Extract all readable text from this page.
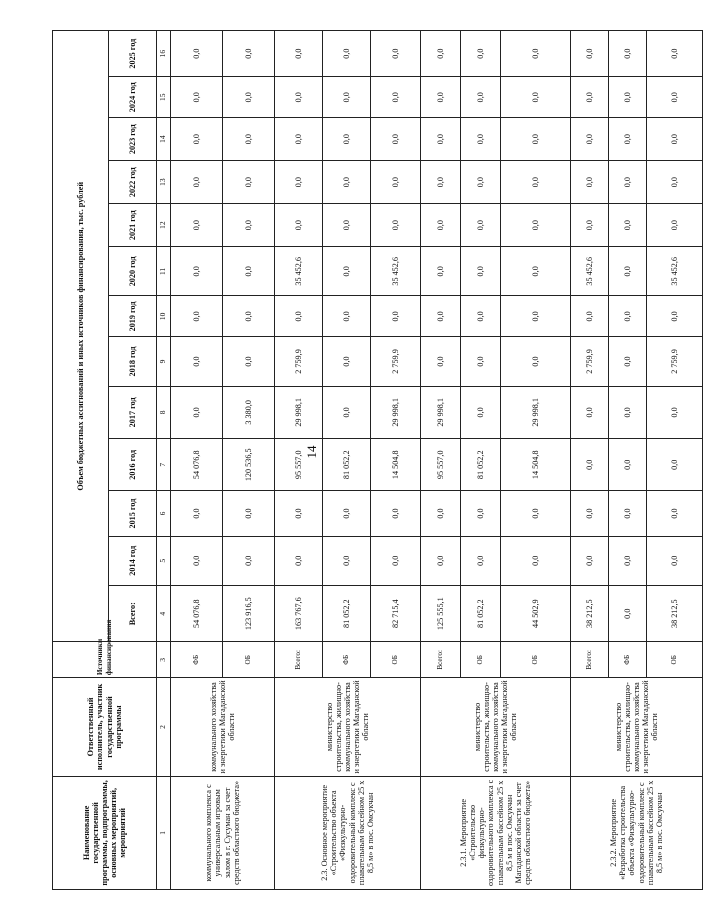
14
Наименование государственной программы, подпрограммы, основных мероприятий, мероприятий	Ответственный исполнитель, участник государственной программы	Источники финансирования	Объем бюджетных ассигнований и иных источников финансирования, тыс. рублей												
			Всего:	2014 год	2015 год	2016 год	2017 год	2018 год	2019 год	2020 год	2021 год	2022 год	2023 год	2024 год	2025 год
1	2	3	4	5	6	7	8	9	10	11	12	13	14	15	16
коммунального комплекса с универсальным игровым залом в г. Сусуман за счет средств областного бюджета»	коммунального хозяйства и энергетики Магаданской области	ФБ	54 076,8	0,0	0,0	54 076,8	0,0	0,0	0,0	0,0	0,0	0,0	0,0	0,0	0,0
		ОБ	123 916,5	0,0	0,0	120 536,5	3 380,0	0,0	0,0	0,0	0,0	0,0	0,0	0,0	0,0
2.3. Основное мероприятие «Строительство объекта «Физкультурно-оздоровительный комплекс с плавательным бассейном 25 х 8,5 м» в пос. Омсукчан	министерство строительства, жилищно-коммунального хозяйства и энергетики Магаданской области	Всего:	163 767,6	0,0	0,0	95 557,0	29 998,1	2 759,9	0,0	35 452,6	0,0	0,0	0,0	0,0	0,0
		ФБ	81 052,2	0,0	0,0	81 052,2	0,0	0,0	0,0	0,0	0,0	0,0	0,0	0,0	0,0
		ОБ	82 715,4	0,0	0,0	14 504,8	29 998,1	2 759,9	0,0	35 452,6	0,0	0,0	0,0	0,0	0,0
2.3.1. Мероприятие «Строительство физкультурно-оздоровительного комплекса с плавательным бассейном 25 х 8,5 м в пос. Омсукчан Магаданской области за счет средств областного бюджета»	министерство строительства, жилищно-коммунального хозяйства и энергетики Магаданской области	Всего:	125 555,1	0,0	0,0	95 557,0	29 998,1	0,0	0,0	0,0	0,0	0,0	0,0	0,0	0,0
		ОБ	81 052,2	0,0	0,0	81 052,2	0,0	0,0	0,0	0,0	0,0	0,0	0,0	0,0	0,0
		ОБ	44 502,9	0,0	0,0	14 504,8	29 998,1	0,0	0,0	0,0	0,0	0,0	0,0	0,0	0,0
2.3.2. Мероприятие «Разработка строительства объекта «Физкультурно-оздоровительный комплекс с плавательным бассейном 25 х 8,5 м» в пос. Омсукчан	министерство строительства, жилищно-коммунального хозяйства и энергетики Магаданской области	Всего:	38 212,5	0,0	0,0	0,0	0,0	2 759,9	0,0	35 452,6	0,0	0,0	0,0	0,0	0,0
		ФБ	0,0	0,0	0,0	0,0	0,0	0,0	0,0	0,0	0,0	0,0	0,0	0,0	0,0
		ОБ	38 212,5	0,0	0,0	0,0	0,0	2 759,9	0,0	35 452,6	0,0	0,0	0,0	0,0	0,0
